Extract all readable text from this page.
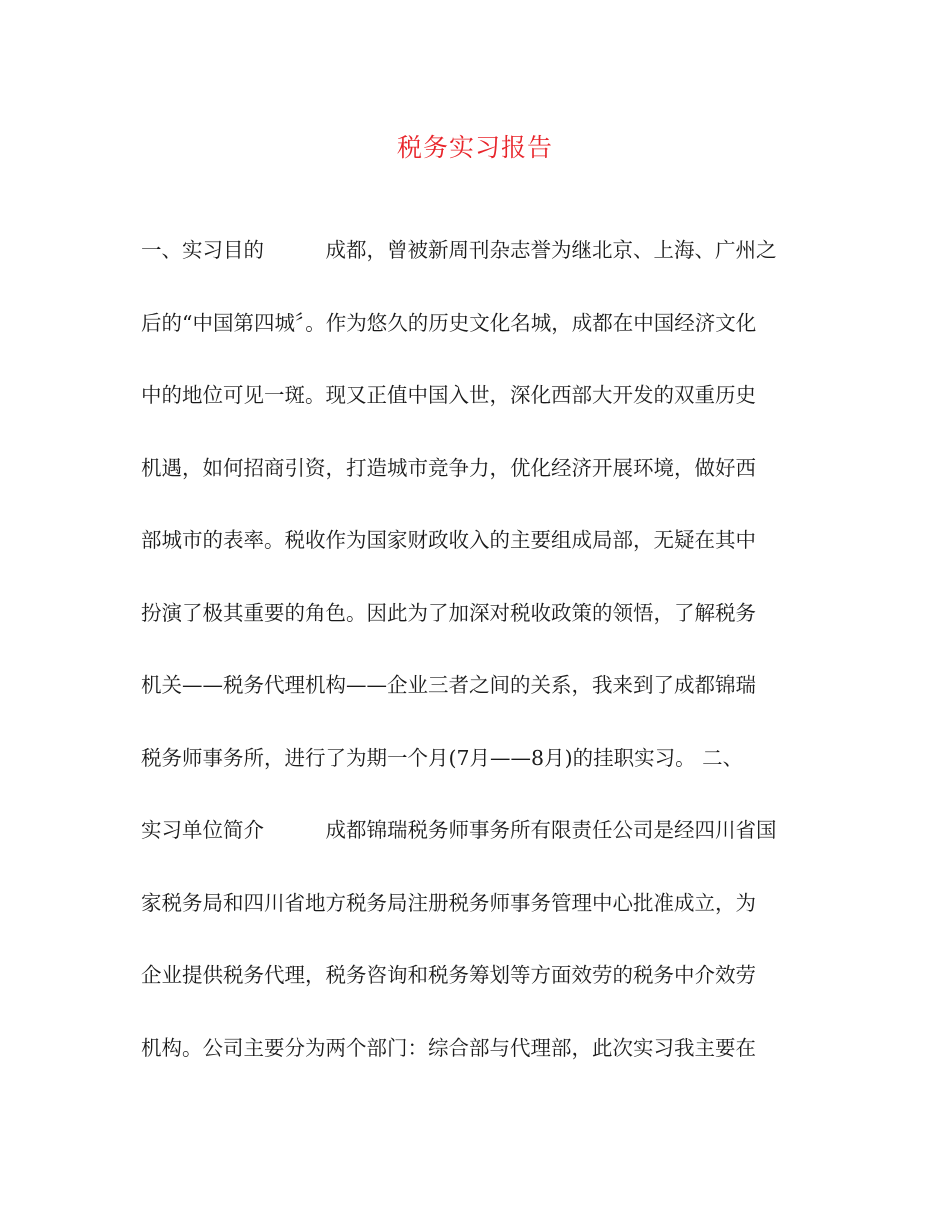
税务实习报告
一、实习目的　　　成都，曾被新周刊杂志誉为继北京、上海、广州之
后的“中国第四城〞。作为悠久的历史文化名城，成都在中国经济文化
中的地位可见一斑。现又正值中国入世，深化西部大开发的双重历史
机遇，如何招商引资，打造城市竞争力，优化经济开展环境，做好西
部城市的表率。税收作为国家财政收入的主要组成局部，无疑在其中
扮演了极其重要的角色。因此为了加深对税收政策的领悟，了解税务
机关——税务代理机构——企业三者之间的关系，我来到了成都锦瑞
税务师事务所，进行了为期一个月(7月——8月)的挂职实习。 二、
实习单位简介　　　成都锦瑞税务师事务所有限责任公司是经四川省国
家税务局和四川省地方税务局注册税务师事务管理中心批准成立，为
企业提供税务代理，税务咨询和税务筹划等方面效劳的税务中介效劳
机构。公司主要分为两个部门：综合部与代理部，此次实习我主要在
